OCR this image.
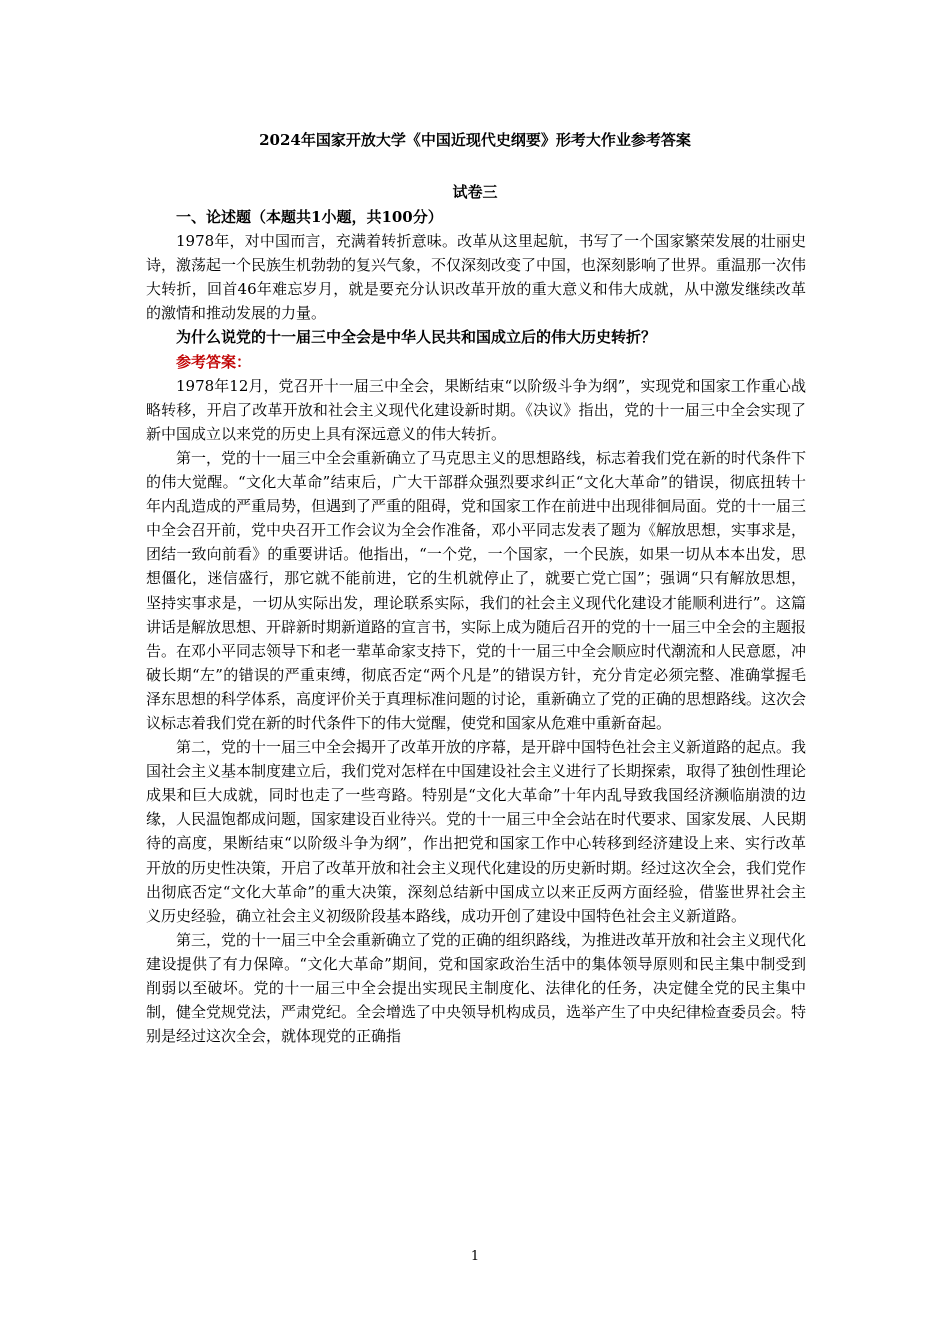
2024年国家开放大学《中国近现代史纲要》形考大作业参考答案
试卷三

一、论述题（本题共1小题，共100分）

1978年，对中国而言，充满着转折意味。改革从这里起航，书写了一个国家繁荣发展的壮丽史诗，激荡起一个民族生机勃勃的复兴气象，不仅深刻改变了中国，也深刻影响了世界。重温那一次伟大转折，回首46年难忘岁月，就是要充分认识改革开放的重大意义和伟大成就，从中激发继续改革的激情和推动发展的力量。

为什么说党的十一届三中全会是中华人民共和国成立后的伟大历史转折？

参考答案：

1978年12月，党召开十一届三中全会，果断结束“以阶级斗争为纲”，实现党和国家工作重心战略转移，开启了改革开放和社会主义现代化建设新时期。《决议》指出，党的十一届三中全会实现了新中国成立以来党的历史上具有深远意义的伟大转折。

第一，党的十一届三中全会重新确立了马克思主义的思想路线，标志着我们党在新的时代条件下的伟大觉醒。“文化大革命”结束后，广大干部群众强烈要求纠正“文化大革命”的错误，彻底扭转十年内乱造成的严重局势，但遇到了严重的阻碍，党和国家工作在前进中出现徘徊局面。党的十一届三中全会召开前，党中央召开工作会议为全会作准备，邓小平同志发表了题为《解放思想，实事求是，团结一致向前看》的重要讲话。他指出，“一个党，一个国家，一个民族，如果一切从本本出发，思想僵化，迷信盛行，那它就不能前进，它的生机就停止了，就要亡党亡国”；强调“只有解放思想，坚持实事求是，一切从实际出发，理论联系实际，我们的社会主义现代化建设才能顺利进行”。这篇讲话是解放思想、开辟新时期新道路的宣言书，实际上成为随后召开的党的十一届三中全会的主题报告。在邓小平同志领导下和老一辈革命家支持下，党的十一届三中全会顺应时代潮流和人民意愿，冲破长期“左”的错误的严重束缚，彻底否定“两个凡是”的错误方针，充分肯定必须完整、准确掌握毛泽东思想的科学体系，高度评价关于真理标准问题的讨论，重新确立了党的正确的思想路线。这次会议标志着我们党在新的时代条件下的伟大觉醒，使党和国家从危难中重新奋起。

第二，党的十一届三中全会揭开了改革开放的序幕，是开辟中国特色社会主义新道路的起点。我国社会主义基本制度建立后，我们党对怎样在中国建设社会主义进行了长期探索，取得了独创性理论成果和巨大成就，同时也走了一些弯路。特别是“文化大革命”十年内乱导致我国经济濒临崩溃的边缘，人民温饱都成问题，国家建设百业待兴。党的十一届三中全会站在时代要求、国家发展、人民期待的高度，果断结束“以阶级斗争为纲”，作出把党和国家工作中心转移到经济建设上来、实行改革开放的历史性决策，开启了改革开放和社会主义现代化建设的历史新时期。经过这次全会，我们党作出彻底否定“文化大革命”的重大决策，深刻总结新中国成立以来正反两方面经验，借鉴世界社会主义历史经验，确立社会主义初级阶段基本路线，成功开创了建设中国特色社会主义新道路。

第三，党的十一届三中全会重新确立了党的正确的组织路线，为推进改革开放和社会主义现代化建设提供了有力保障。“文化大革命”期间，党和国家政治生活中的集体领导原则和民主集中制受到削弱以至破坏。党的十一届三中全会提出实现民主制度化、法律化的任务，决定健全党的民主集中制，健全党规党法，严肃党纪。全会增选了中央领导机构成员，选举产生了中央纪律检查委员会。特别是经过这次全会，就体现党的正确指

1
